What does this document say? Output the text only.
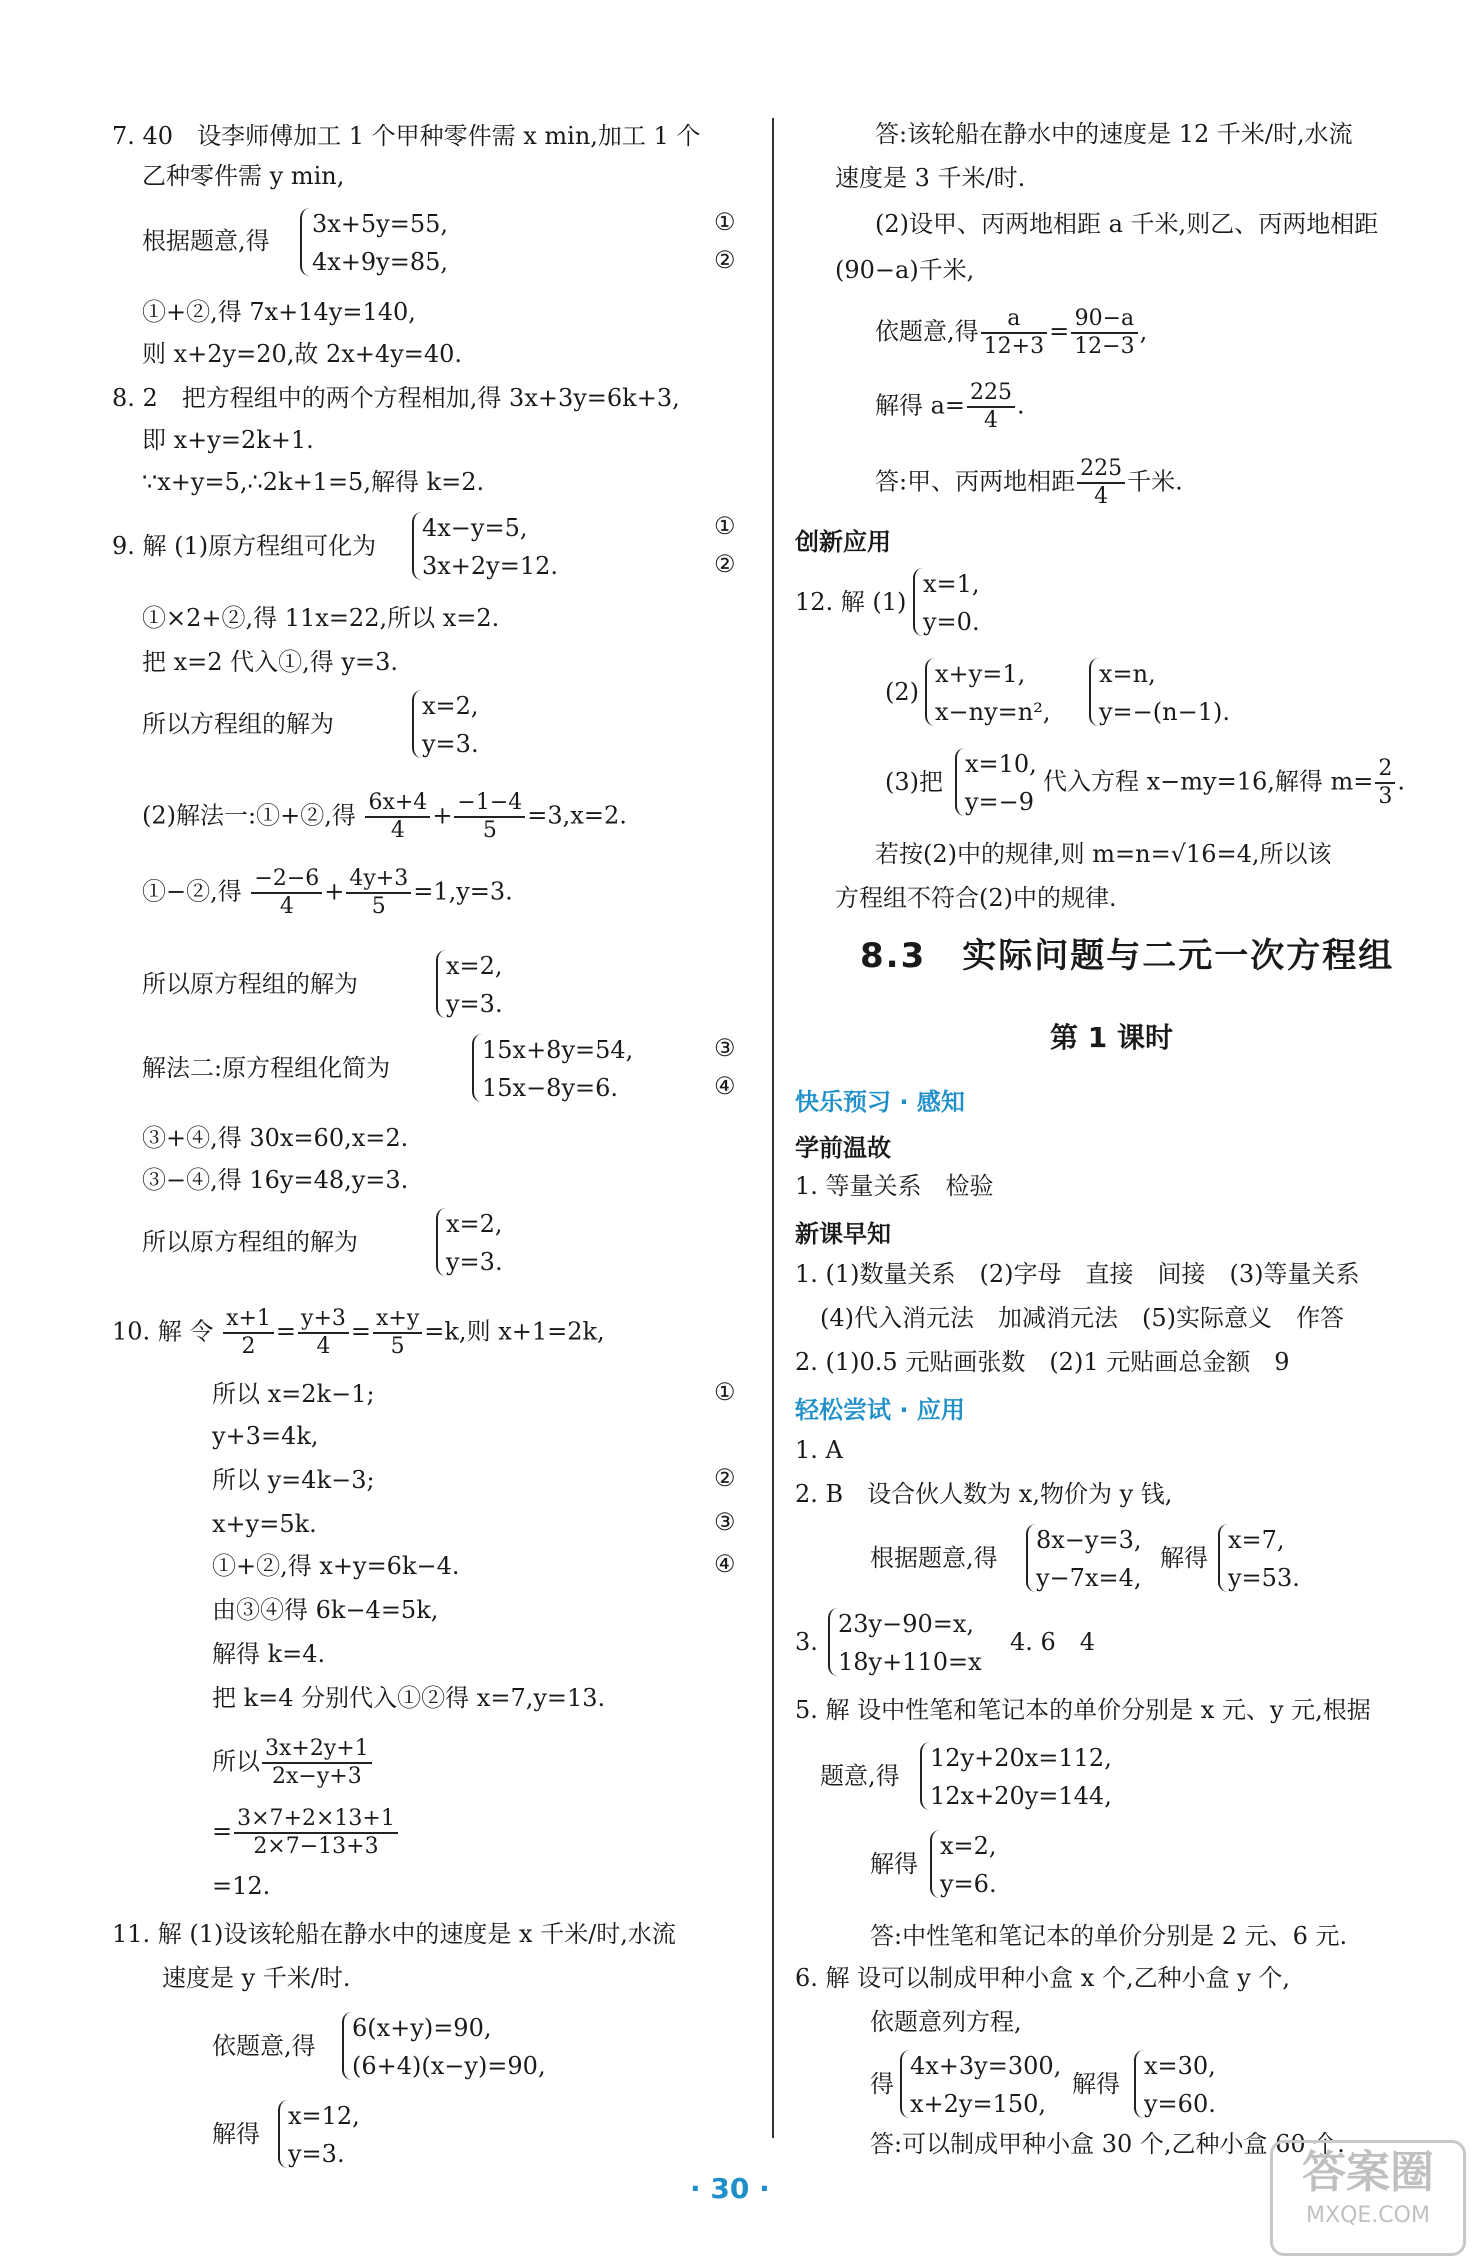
7. 40　设李师傅加工 1 个甲种零件需 x min,加工 1 个
乙种零件需 y min,
根据题意,得
3x+5y=55,
4x+9y=85,
①
②
①+②,得 7x+14y=140,
则 x+2y=20,故 2x+4y=40.
8. 2　把方程组中的两个方程相加,得 3x+3y=6k+3,
即 x+y=2k+1.
∵x+y=5,∴2k+1=5,解得 k=2.
9. 解 (1)原方程组可化为
4x−y=5,
3x+2y=12.
①
②
①×2+②,得 11x=22,所以 x=2.
把 x=2 代入①,得 y=3.
所以方程组的解为
x=2,
y=3.
(2)解法一:①+②,得 $\frac{6x+4}{4} + \frac{-1-4}{5} =3,x=2$.
①−②,得 $\frac{-2-6}{4} + \frac{4y+3}{5} =1,y=3$.
所以原方程组的解为
x=2,
y=3.
解法二:原方程组化简为
15x+8y=54,
15x−8y=6.
③
④
③+④,得 30x=60,x=2.
③−④,得 16y=48,y=3.
所以原方程组的解为
x=2,
y=3.
10. 解 令 $\frac{x+1}{2} = \frac{y+3}{4} = \frac{x+y}{5} =k$,则 x+1=2k,
所以 x=2k−1;	①
y+3=4k,
所以 y=4k−3;	②
x+y=5k.	③
①+②,得 x+y=6k−4.	④
由③④得 6k−4=5k,
解得 k=4.
把 k=4 分别代入①②得 x=7,y=13.
所以 $\frac{3x+2y+1}{2x-y+3}$
= $\frac{3\times 7+2\times 13+1}{2\times 7-13+3}$
=12.
11. 解 (1)设该轮船在静水中的速度是 x 千米/时,水流
速度是 y 千米/时.
依题意,得
6(x+y)=90,
(6+4)(x−y)=90,
解得
x=12,
y=3.
答:该轮船在静水中的速度是 12 千米/时,水流
速度是 3 千米/时.
(2)设甲、丙两地相距 a 千米,则乙、丙两地相距
(90−a)千米,
依题意,得 $\frac{a}{12+3} = \frac{90-a}{12-3}$ ,
解得 $a= \frac{225}{4}$ .
答:甲、丙两地相距 $\frac{225}{4}$ 千米.
创新应用
12. 解 (1)
x=1,
y=0.
(2)
x+y=1,
x−ny=n²,
x=n,
y=−(n−1).
(3)把
x=10,
y=−9
代入方程 x−my=16,解得 $m= \frac{2}{3}$ .
若按(2)中的规律,则 m=n=√16=4,所以该
方程组不符合(2)中的规律.
8.3　实际问题与二元一次方程组
第 1 课时
快乐预习 · 感知
学前温故
1. 等量关系　检验
新课早知
1. (1)数量关系　(2)字母　直接　间接　(3)等量关系
(4)代入消元法　加减消元法　(5)实际意义　作答
2. (1)0.5 元贴画张数　(2)1 元贴画总金额　9
轻松尝试 · 应用
1. A
2. B　设合伙人数为 x,物价为 y 钱,
根据题意,得
8x−y=3,
y−7x=4,
解得
x=7,
y=53.
3.
23y−90=x,
18y+110=x
4. 6　4
5. 解 设中性笔和笔记本的单价分别是 x 元、y 元,根据
题意,得
12y+20x=112,
12x+20y=144,
解得
x=2,
y=6.
答:中性笔和笔记本的单价分别是 2 元、6 元.
6. 解 设可以制成甲种小盒 x 个,乙种小盒 y 个,
依题意列方程,
得
4x+3y=300,
x+2y=150,
解得
x=30,
y=60.
答:可以制成甲种小盒 30 个,乙种小盒 60 个.
· 30 ·	答案圈
MXQE.COM
